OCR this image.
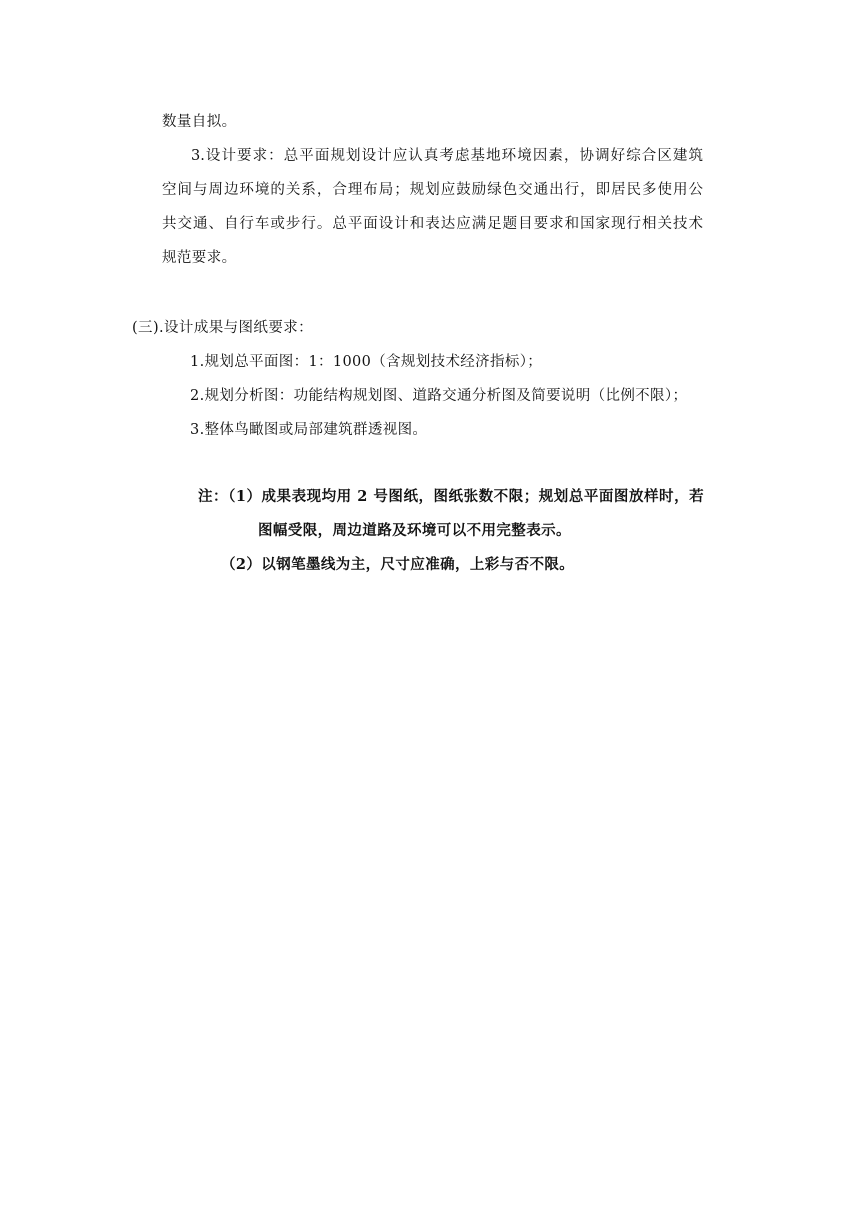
数量自拟。
3.设计要求：总平面规划设计应认真考虑基地环境因素，协调好综合区建筑
空间与周边环境的关系，合理布局；规划应鼓励绿色交通出行，即居民多使用公
共交通、自行车或步行。总平面设计和表达应满足题目要求和国家现行相关技术
规范要求。
(三).设计成果与图纸要求：
1.规划总平面图：1：1000（含规划技术经济指标）；
2.规划分析图：功能结构规划图、道路交通分析图及简要说明（比例不限）；
3.整体鸟瞰图或局部建筑群透视图。
注：（1）成果表现均用 2 号图纸，图纸张数不限；规划总平面图放样时，若
图幅受限，周边道路及环境可以不用完整表示。
（2）以钢笔墨线为主，尺寸应准确，上彩与否不限。
